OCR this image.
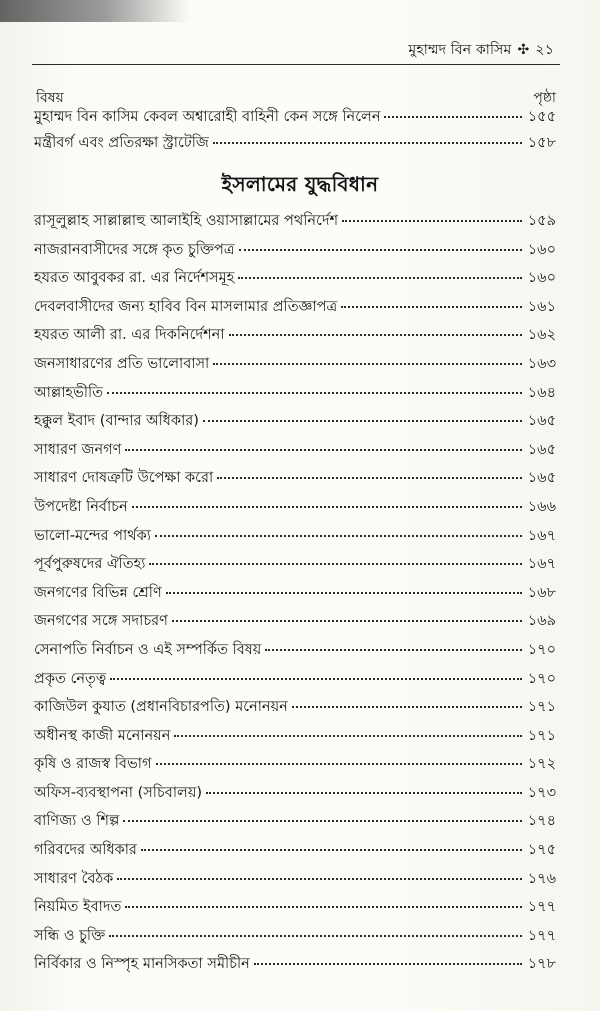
মুহাম্মদ বিন কাসিম ✣ ২১
বিষয়	পৃষ্ঠা
মুহাম্মদ বিন কাসিম কেবল অশ্বারোহী বাহিনী কেন সঙ্গে নিলেন	১৫৫
মন্ত্রীবর্গ এবং প্রতিরক্ষা স্ট্রাটেজি	১৫৮
ইসলামের যুদ্ধবিধান
রাসূলুল্লাহ সাল্লাল্লাহু আলাইহি ওয়াসাল্লামের পথনির্দেশ	১৫৯
নাজরানবাসীদের সঙ্গে কৃত চুক্তিপত্র	১৬০
হযরত আবুবকর রা. এর নির্দেশসমূহ	১৬০
দেবলবাসীদের জন্য হাবিব বিন মাসলামার প্রতিজ্ঞাপত্র	১৬১
হযরত আলী রা. এর দিকনির্দেশনা	১৬২
জনসাধারণের প্রতি ভালোবাসা	১৬৩
আল্লাহভীতি	১৬৪
হক্কুল ইবাদ (বান্দার অধিকার)	১৬৫
সাধারণ জনগণ	১৬৫
সাধারণ দোষত্রুটি উপেক্ষা করো	১৬৫
উপদেষ্টা নির্বাচন	১৬৬
ভালো-মন্দের পার্থক্য	১৬৭
পূর্বপুরুষদের ঐতিহ্য	১৬৭
জনগণের বিভিন্ন শ্রেণি	১৬৮
জনগণের সঙ্গে সদাচরণ	১৬৯
সেনাপতি নির্বাচন ও এই সম্পর্কিত বিষয়	১৭০
প্রকৃত নেতৃত্ব	১৭০
কাজিউল কুযাত (প্রধানবিচারপতি) মনোনয়ন	১৭১
অধীনস্থ কাজী মনোনয়ন	১৭১
কৃষি ও রাজস্ব বিভাগ	১৭২
অফিস-ব্যবস্থাপনা (সচিবালয়)	১৭৩
বাণিজ্য ও শিল্প	১৭৪
গরিবদের অধিকার	১৭৫
সাধারণ বৈঠক	১৭৬
নিয়মিত ইবাদত	১৭৭
সন্ধি ও চুক্তি	১৭৭
নির্বিকার ও নিস্পৃহ মানসিকতা সমীচীন	১৭৮
